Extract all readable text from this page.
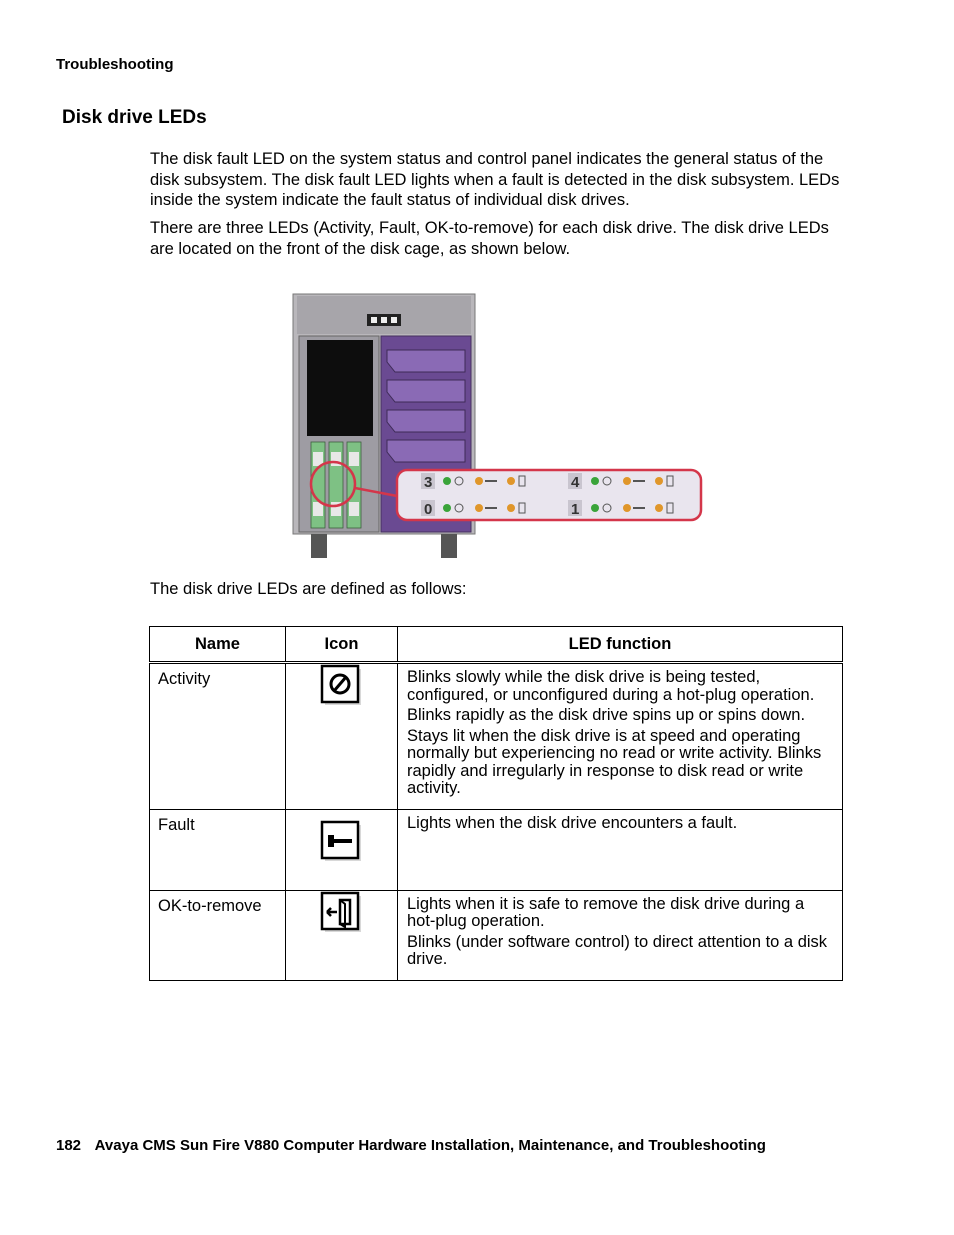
Troubleshooting
Disk drive LEDs

The disk fault LED on the system status and control panel indicates the general status of the disk subsystem. The disk fault LED lights when a fault is detected in the disk subsystem. LEDs inside the system indicate the fault status of individual disk drives.

There are three LEDs (Activity, Fault, OK-to-remove) for each disk drive. The disk drive LEDs are located on the front of the disk cage, as shown below.

3	4
0	1
The disk drive LEDs are defined as follows:
Name	Icon	LED function
Activity		Blinks slowly while the disk drive is being tested, configured, or unconfigured during a hot-plug operation.

Blinks rapidly as the disk drive spins up or spins down.

Stays lit when the disk drive is at speed and operating normally but experiencing no read or write activity. Blinks rapidly and irregularly in response to disk read or write activity.

Fault		Lights when the disk drive encounters a fault.

OK-to-remove		Lights when it is safe to remove the disk drive during a hot-plug operation.

Blinks (under software control) to direct attention to a disk drive.

182 Avaya CMS Sun Fire V880 Computer Hardware Installation, Maintenance, and Troubleshooting
